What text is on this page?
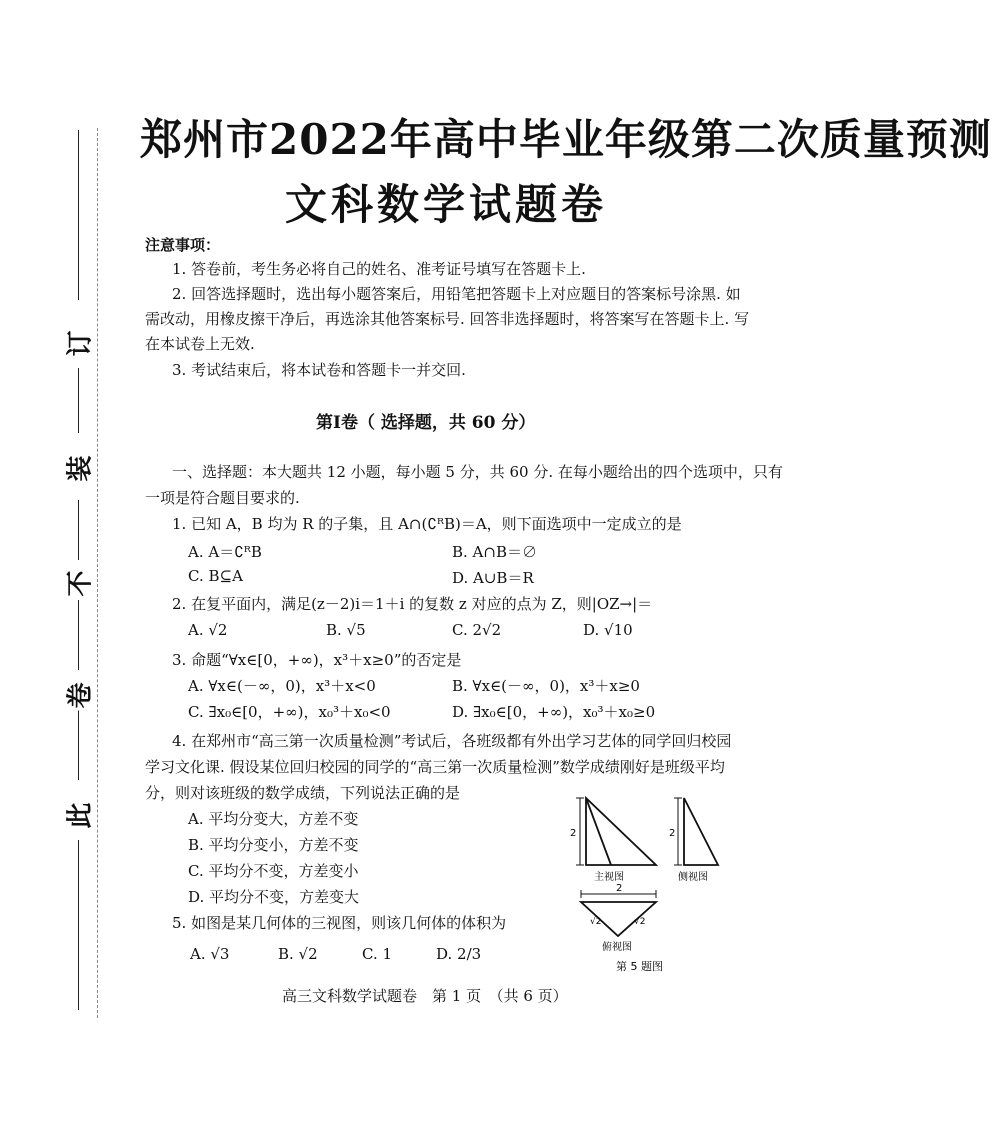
订
装
不
卷
此
郑州市2022年高中毕业年级第二次质量预测
文科数学试题卷
注意事项：
1. 答卷前，考生务必将自己的姓名、准考证号填写在答题卡上.
2. 回答选择题时，选出每小题答案后，用铅笔把答题卡上对应题目的答案标号涂黑. 如
需改动，用橡皮擦干净后，再选涂其他答案标号. 回答非选择题时，将答案写在答题卡上. 写
在本试卷上无效.
3. 考试结束后，将本试卷和答题卡一并交回.
第Ⅰ卷（ 选择题，共 60 分）
一、选择题：本大题共 12 小题，每小题 5 分，共 60 分. 在每小题给出的四个选项中，只有
一项是符合题目要求的.
1. 已知 A，B 均为 R 的子集，且 A∩(∁ᴿB)＝A，则下面选项中一定成立的是
A. A＝∁ᴿB	B. A∩B＝∅
C. B⊆A	D. A∪B＝R
2. 在复平面内，满足(z－2)i＝1＋i 的复数 z 对应的点为 Z，则|OZ→|＝
A. √2	B. √5	C. 2√2	D. √10
3. 命题“∀x∈[0，+∞)，x³＋x≥0”的否定是
A. ∀x∈(－∞，0)，x³＋x<0	B. ∀x∈(－∞，0)，x³＋x≥0
C. ∃x₀∈[0，+∞)，x₀³＋x₀<0	D. ∃x₀∈[0，+∞)，x₀³＋x₀≥0
4. 在郑州市“高三第一次质量检测”考试后，各班级都有外出学习艺体的同学回归校园
学习文化课. 假设某位回归校园的同学的“高三第一次质量检测”数学成绩刚好是班级平均
分，则对该班级的数学成绩，下列说法正确的是
A. 平均分变大，方差不变
B. 平均分变小，方差不变
C. 平均分不变，方差变小
D. 平均分不变，方差变大
5. 如图是某几何体的三视图，则该几何体的体积为
A. √3	B. √2	C. 1	D. 2/3
2
主视图
2
侧视图
2
√2	√2
俯视图
第 5 题图
高三文科数学试题卷　第 1 页　（共 6 页）
